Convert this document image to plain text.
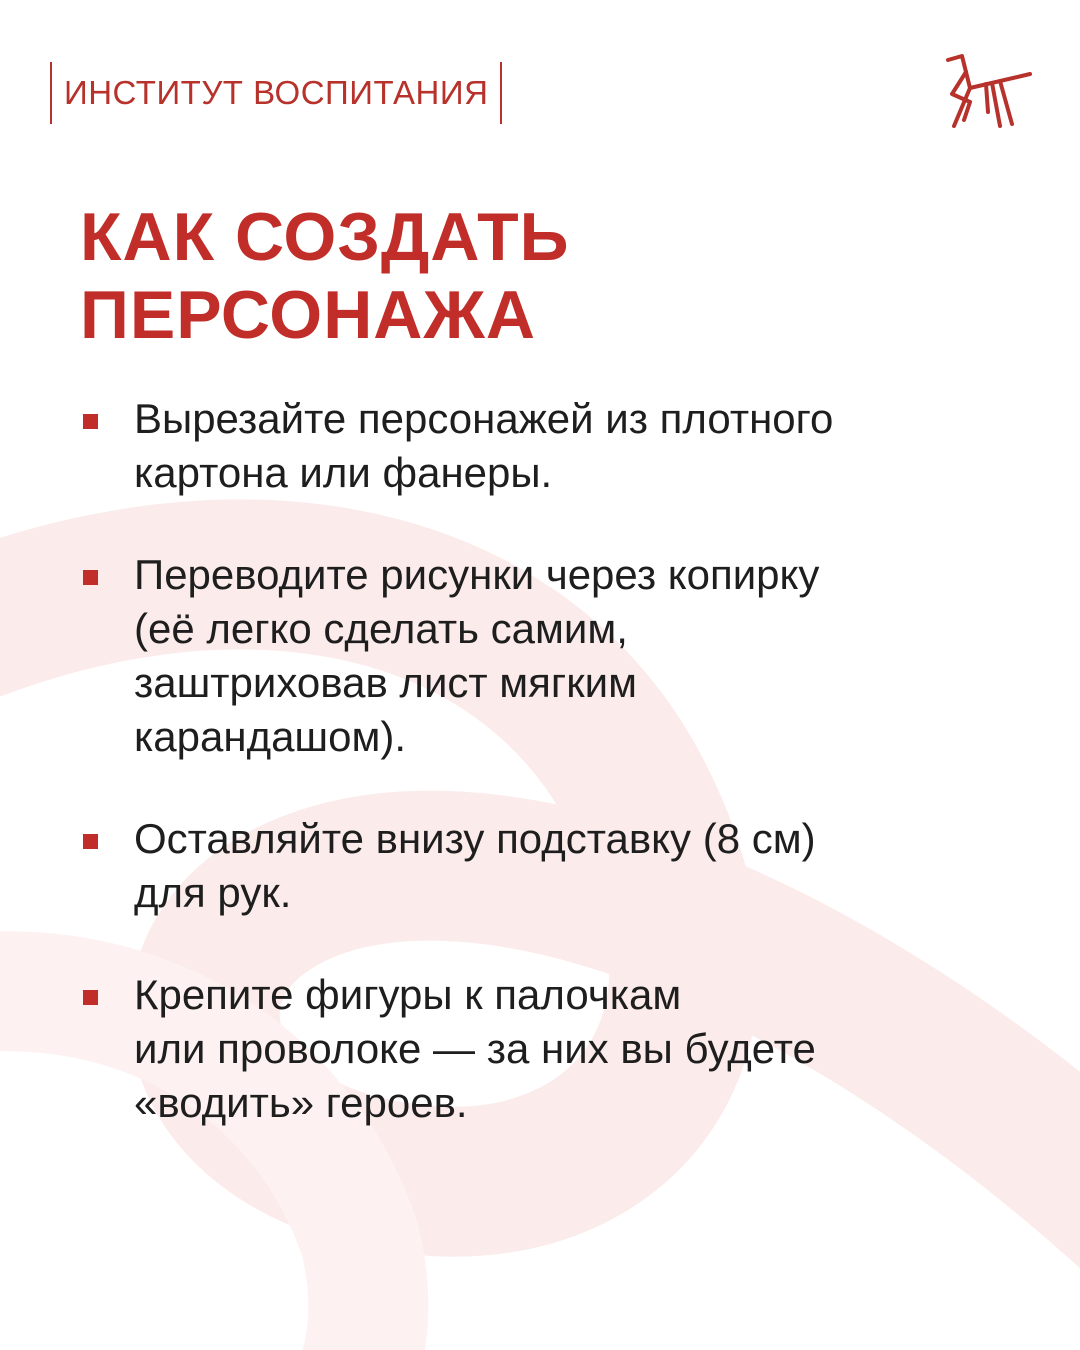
ИНСТИТУТ ВОСПИТАНИЯ
КАК СОЗДАТЬ
ПЕРСОНАЖА
Вырезайте персонажей из плотного
картона или фанеры.
Переводите рисунки через копирку
(её легко сделать самим,
заштриховав лист мягким
карандашом).
Оставляйте внизу подставку (8 см)
для рук.
Крепите фигуры к палочкам
или проволоке — за них вы будете
«водить» героев.
